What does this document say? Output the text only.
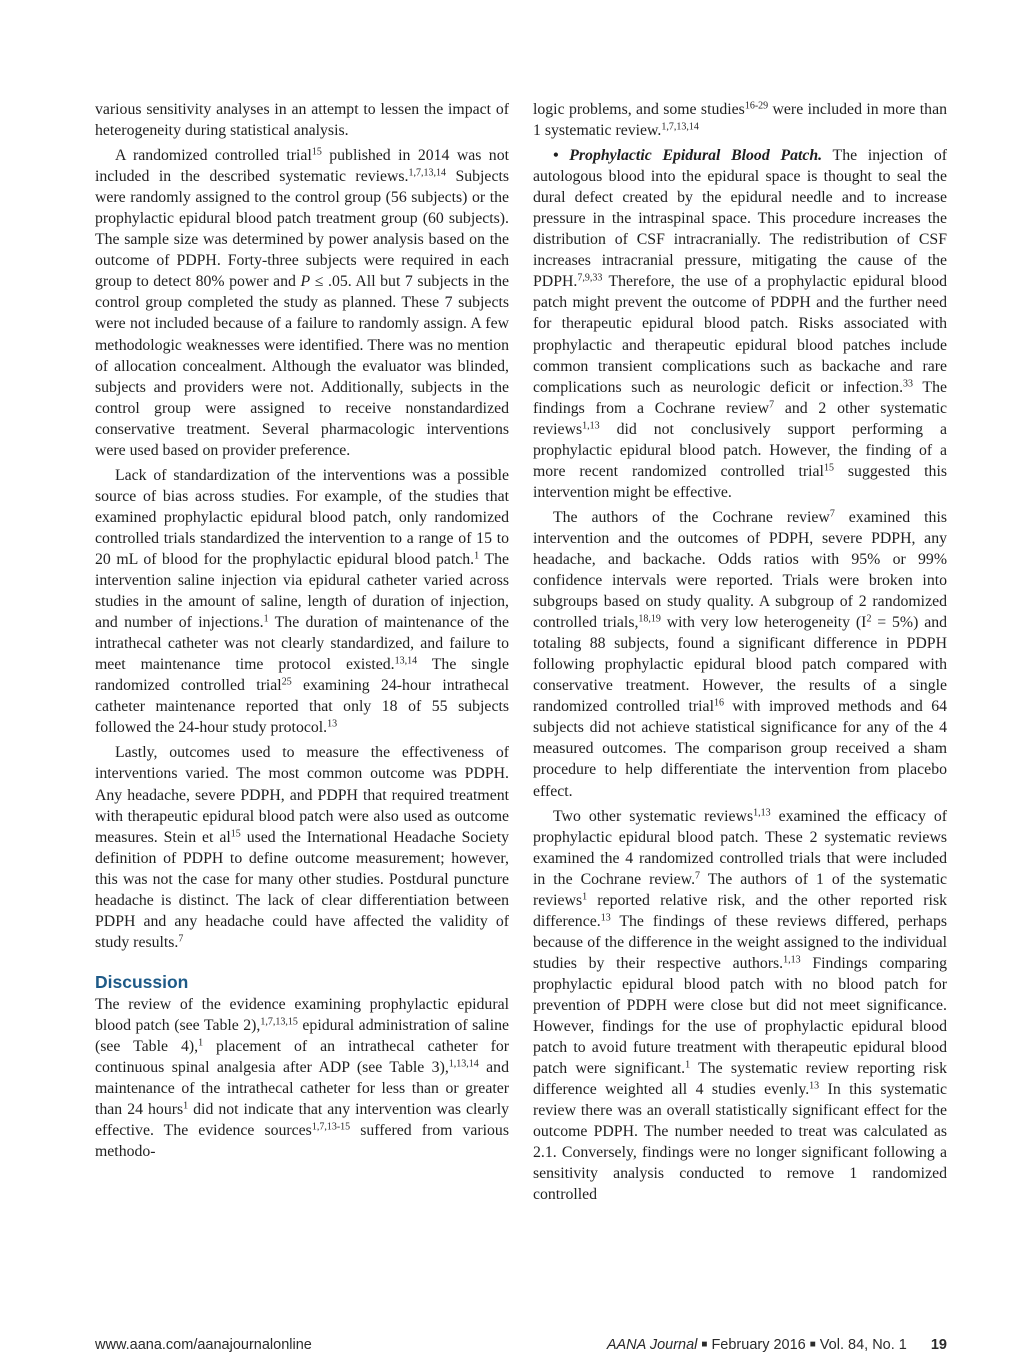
various sensitivity analyses in an attempt to lessen the impact of heterogeneity during statistical analysis.

A randomized controlled trial$^{15}$ published in 2014 was not included in the described systematic reviews.$^{1,7,13,14}$ Subjects were randomly assigned to the control group (56 subjects) or the prophylactic epidural blood patch treatment group (60 subjects). The sample size was determined by power analysis based on the outcome of PDPH. Forty-three subjects were required in each group to detect 80% power and P ≤ .05. All but 7 subjects in the control group completed the study as planned. These 7 subjects were not included because of a failure to randomly assign. A few methodologic weaknesses were identified. There was no mention of allocation concealment. Although the evaluator was blinded, subjects and providers were not. Additionally, subjects in the control group were assigned to receive nonstandardized conservative treatment. Several pharmacologic interventions were used based on provider preference.

Lack of standardization of the interventions was a possible source of bias across studies. For example, of the studies that examined prophylactic epidural blood patch, only randomized controlled trials standardized the intervention to a range of 15 to 20 mL of blood for the prophylactic epidural blood patch.$^1$ The intervention saline injection via epidural catheter varied across studies in the amount of saline, length of duration of injection, and number of injections.$^1$ The duration of maintenance of the intrathecal catheter was not clearly standardized, and failure to meet maintenance time protocol existed.$^{13,14}$ The single randomized controlled trial$^{25}$ examining 24-hour intrathecal catheter maintenance reported that only 18 of 55 subjects followed the 24-hour study protocol.$^{13}$

Lastly, outcomes used to measure the effectiveness of interventions varied. The most common outcome was PDPH. Any headache, severe PDPH, and PDPH that required treatment with therapeutic epidural blood patch were also used as outcome measures. Stein et $al^{15}$ used the International Headache Society definition of PDPH to define outcome measurement; however, this was not the case for many other studies. Postdural puncture headache is distinct. The lack of clear differentiation between PDPH and any headache could have affected the validity of study results.$^7$

Discussion

The review of the evidence examining prophylactic epidural blood patch (see Table 2),$^{1,7,13,15}$ epidural administration of saline (see Table 4),$^1$ placement of an intrathecal catheter for continuous spinal analgesia after ADP (see Table 3),$^{1,13,14}$ and maintenance of the intrathecal catheter for less than or greater than 24 hours$^1$ did not indicate that any intervention was clearly effective. The evidence sources$^{1,7,13-15}$ suffered from various methodo-

logic problems, and some studies$^{16-29}$ were included in more than 1 systematic review.$^{1,7,13,14}$

• Prophylactic Epidural Blood Patch. The injection of autologous blood into the epidural space is thought to seal the dural defect created by the epidural needle and to increase pressure in the intraspinal space. This procedure increases the distribution of CSF intracranially. The redistribution of CSF increases intracranial pressure, mitigating the cause of the PDPH.$^{7,9,33}$ Therefore, the use of a prophylactic epidural blood patch might prevent the outcome of PDPH and the further need for therapeutic epidural blood patch. Risks associated with prophylactic and therapeutic epidural blood patches include common transient complications such as backache and rare complications such as neurologic deficit or infection.$^{33}$ The findings from a Cochrane review$^7$ and 2 other systematic reviews$^{1,13}$ did not conclusively support performing a prophylactic epidural blood patch. However, the finding of a more recent randomized controlled trial$^{15}$ suggested this intervention might be effective.

The authors of the Cochrane review$^7$ examined this intervention and the outcomes of PDPH, severe PDPH, any headache, and backache. Odds ratios with 95% or 99% confidence intervals were reported. Trials were broken into subgroups based on study quality. A subgroup of 2 randomized controlled trials,$^{18,19}$ with very low heterogeneity $(I^2 = 5\%)$ and totaling 88 subjects, found a significant difference in PDPH following prophylactic epidural blood patch compared with conservative treatment. However, the results of a single randomized controlled trial$^{16}$ with improved methods and 64 subjects did not achieve statistical significance for any of the 4 measured outcomes. The comparison group received a sham procedure to help differentiate the intervention from placebo effect.

Two other systematic reviews$^{1,13}$ examined the efficacy of prophylactic epidural blood patch. These 2 systematic reviews examined the 4 randomized controlled trials that were included in the Cochrane review.$^7$ The authors of 1 of the systematic reviews$^1$ reported relative risk, and the other reported risk difference.$^{13}$ The findings of these reviews differed, perhaps because of the difference in the weight assigned to the individual studies by their respective authors.$^{1,13}$ Findings comparing prophylactic epidural blood patch with no blood patch for prevention of PDPH were close but did not meet significance. However, findings for the use of prophylactic epidural blood patch to avoid future treatment with therapeutic epidural blood patch were significant.$^1$ The systematic review reporting risk difference weighted all 4 studies evenly.$^{13}$ In this systematic review there was an overall statistically significant effect for the outcome PDPH. The number needed to treat was calculated as 2.1. Conversely, findings were no longer significant following a sensitivity analysis conducted to remove 1 randomized controlled

www.aana.com/aanajournalonline	AANA Journal ■ February 2016 ■ Vol. 84, No. 1 19
